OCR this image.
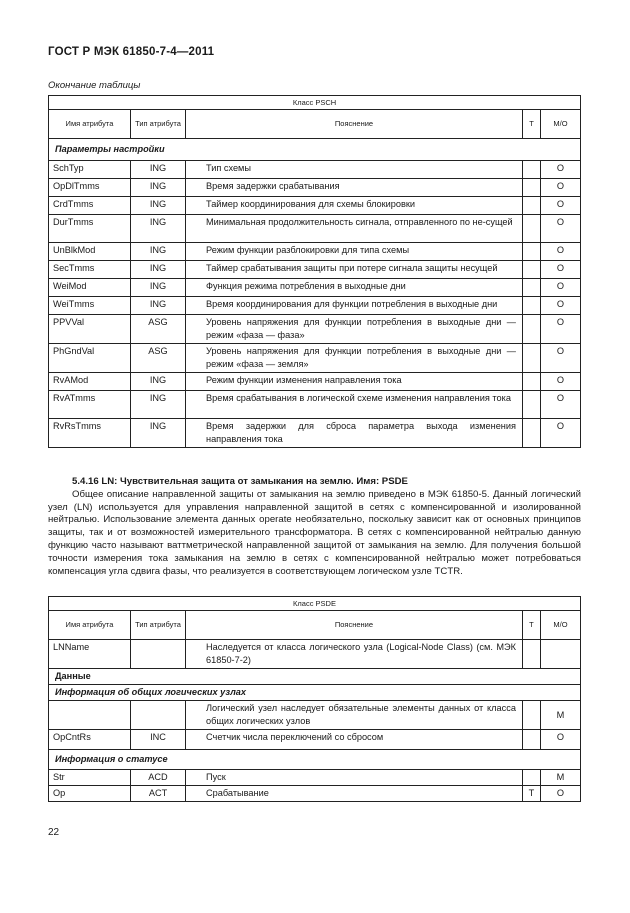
ГОСТ Р МЭК 61850-7-4—2011
Окончание таблицы
Класс PSCH				
Имя атрибута	Тип атрибута	Пояснение	T	M/O
Параметры настройки				
SchTyp	ING	Тип схемы		O
OpDlTmms	ING	Время задержки срабатывания		O
CrdTmms	ING	Таймер координирования для схемы блокировки		O
DurTmms	ING	Минимальная продолжительность сигнала, отправленного по не-сущей		O
UnBlkMod	ING	Режим функции разблокировки для типа схемы		O
SecTmms	ING	Таймер срабатывания защиты при потере сигнала защиты несущей		O
WeiMod	ING	Функция режима потребления в выходные дни		O
WeiTmms	ING	Время координирования для функции потребления в выходные дни		O
PPVVal	ASG	Уровень напряжения для функции потребления в выходные дни — режим «фаза — фаза»		O
PhGndVal	ASG	Уровень напряжения для функции потребления в выходные дни — режим «фаза — земля»		O
RvAMod	ING	Режим функции изменения направления тока		O
RvATmms	ING	Время срабатывания в логической схеме изменения направления тока		O
RvRsTmms	ING	Время задержки для сброса параметра выхода изменения направления тока		O

5.4.16 LN: Чувствительная защита от замыкания на землю. Имя: PSDE

Общее описание направленной защиты от замыкания на землю приведено в МЭК 61850-5. Данный логический узел (LN) используется для управления направленной защитой в сетях с компенсированной и изолированной нейтралью. Использование элемента данных operate необязательно, поскольку зависит как от основных принципов защиты, так и от возможностей измерительного трансформатора. В сетях с компенсированной нейтралью данную функцию часто называют ваттметрической направленной защитой от замыкания на землю. Для получения большой точности измерения тока замыкания на землю в сетях с компенсированной нейтралью может потребоваться компенсация угла сдвига фазы, что реализуется в соответствующем логическом узле TCTR.

Класс PSDE				
Имя атрибута	Тип атрибута	Пояснение	T	M/O
LNName		Наследуется от класса логического узла (Logical-Node Class) (см. МЭК 61850-7-2)		
Данные				
Информация об общих логических узлах				
		Логический узел наследует обязательные элементы данных от класса общих логических узлов		M
OpCntRs	INC	Счетчик числа переключений со сбросом		O
Информация о статусе				
Str	ACD	Пуск		M
Op	ACT	Срабатывание	T	O
22
